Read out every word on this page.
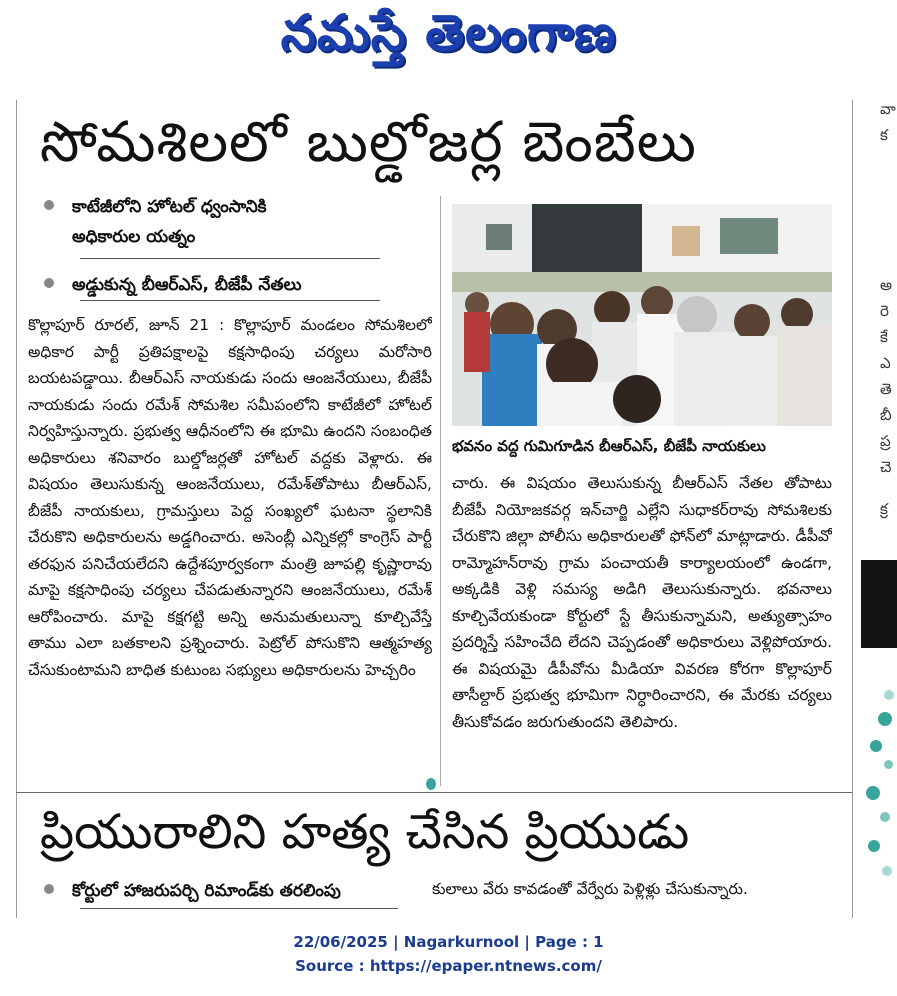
నమస్తే తెలంగాణ
సోమశిలలో బుల్డోజర్ల బెంబేలు
కాటేజీలోని హోటల్ ధ్వంసానికి అధికారుల యత్నం
అడ్డుకున్న బీఆర్ఎస్, బీజేపీ నేతలు
కొల్లాపూర్ రూరల్, జూన్ 21 : కొల్లాపూర్ మండలం సోమశిలలో అధికార పార్టీ ప్రతిపక్షాలపై కక్షసాధింపు చర్యలు మరోసారి బయటపడ్డాయి. బీఆర్ఎస్ నాయకుడు సందు ఆంజనేయులు, బీజేపీ నాయకుడు సందు రమేశ్ సోమశిల సమీపంలోని కాటేజీలో హోటల్ నిర్వహిస్తున్నారు. ప్రభుత్వ ఆధీనంలోని ఈ భూమి ఉందని సంబంధిత అధికారులు శనివారం బుల్డోజర్లతో హోటల్ వద్దకు వెళ్లారు. ఈ విషయం తెలుసుకున్న ఆంజనేయులు, రమేశ్‌తోపాటు బీఆర్ఎస్, బీజేపీ నాయకులు, గ్రామస్తులు పెద్ద సంఖ్యలో ఘటనా స్థలానికి చేరుకొని అధికారులను అడ్డగించారు. అసెంబ్లీ ఎన్నికల్లో కాంగ్రెస్ పార్టీ తరఫున పనిచేయలేదని ఉద్దేశపూర్వకంగా మంత్రి జూపల్లి కృష్ణారావు మాపై కక్షసాధింపు చర్యలు చేపడుతున్నారని ఆంజనేయులు, రమేశ్ ఆరోపించారు. మాపై కక్షగట్టి అన్ని అనుమతులున్నా కూల్చివేస్తే తాము ఎలా బతకాలని ప్రశ్నించారు. పెట్రోల్ పోసుకొని ఆత్మహత్య చేసుకుంటామని బాధిత కుటుంబ సభ్యులు అధికారులను హెచ్చరిం
భవనం వద్ద గుమిగూడిన బీఆర్ఎస్, బీజేపీ నాయకులు
చారు. ఈ విషయం తెలుసుకున్న బీఆర్ఎస్ నేతల తోపాటు బీజేపీ నియోజకవర్గ ఇన్‌చార్జి ఎల్లేని సుధాకర్‌రావు సోమశిలకు చేరుకొని జిల్లా పోలీసు అధికారులతో ఫోన్‌లో మాట్లాడారు. డీపీవో రామ్మోహన్‌రావు గ్రామ పంచాయతీ కార్యాలయంలో ఉండగా, అక్కడికి వెళ్లి సమస్య అడిగి తెలుసుకున్నారు. భవనాలు కూల్చివేయకుండా కోర్టులో స్టే తీసుకున్నామని, అత్యుత్సాహం ప్రదర్శిస్తే సహించేది లేదని చెప్పడంతో అధికారులు వెళ్లిపోయారు. ఈ విషయమై డీపీవోను మీడియా వివరణ కోరగా కొల్లాపూర్ తాసీల్దార్ ప్రభుత్వ భూమిగా నిర్ధారించారని, ఈ మేరకు చర్యలు తీసుకోవడం జరుగుతుందని తెలిపారు.
ప్రియురాలిని హత్య చేసిన ప్రియుడు
కోర్టులో హాజరుపర్చి రిమాండ్‌కు తరలింపు	కులాలు వేరు కావడంతో వేర్వేరు పెళ్లిళ్లు చేసుకున్నారు.
వా
క
అ
రె
కే
ఎ
తె
బీ
ప్ర
చె
క్ర
22/06/2025 | Nagarkurnool | Page : 1
Source : https://epaper.ntnews.com/
